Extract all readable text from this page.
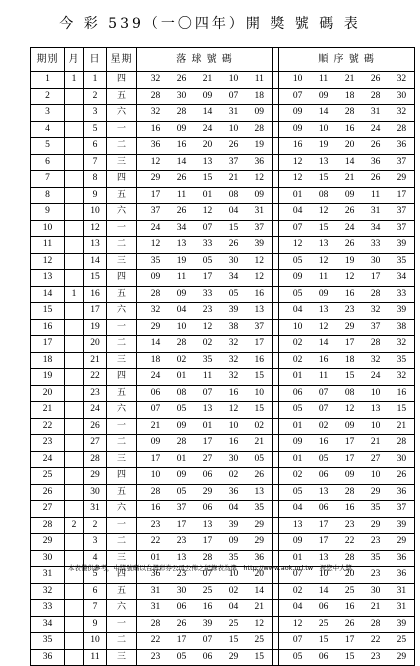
今 彩 539（一〇四年）開 獎 號 碼 表
期別	月	日	星期	落 球 號 碼							順 序 號 碼					
1	1	1	四		32	26	21	10	11			10	11	21	26	32
2		2	五		28	30	09	07	18			07	09	18	28	30
3		3	六		32	28	14	31	09			09	14	28	31	32
4		5	一		16	09	24	10	28			09	10	16	24	28
5		6	二		36	16	20	26	19			16	19	20	26	36
6		7	三		12	14	13	37	36			12	13	14	36	37
7		8	四		29	26	15	21	12			12	15	21	26	29
8		9	五		17	11	01	08	09			01	08	09	11	17
9		10	六		37	26	12	04	31			04	12	26	31	37
10		12	一		24	34	07	15	37			07	15	24	34	37
11		13	二		12	13	33	26	39			12	13	26	33	39
12		14	三		35	19	05	30	12			05	12	19	30	35
13		15	四		09	11	17	34	12			09	11	12	17	34
14	1	16	五		28	09	33	05	16			05	09	16	28	33
15		17	六		32	04	23	39	13			04	13	23	32	39
16		19	一		29	10	12	38	37			10	12	29	37	38
17		20	二		14	28	02	32	17			02	14	17	28	32
18		21	三		18	02	35	32	16			02	16	18	32	35
19		22	四		24	01	11	32	15			01	11	15	24	32
20		23	五		06	08	07	16	10			06	07	08	10	16
21		24	六		07	05	13	12	15			05	07	12	13	15
22		26	一		21	09	01	10	02			01	02	09	10	21
23		27	二		09	28	17	16	21			09	16	17	21	28
24		28	三		17	01	27	30	05			01	05	17	27	30
25		29	四		10	09	06	02	26			02	06	09	10	26
26		30	五		28	05	29	36	13			05	13	28	29	36
27		31	六		16	37	06	04	35			04	06	16	35	37
28	2	2	一		23	17	13	39	29			13	17	23	29	39
29		3	二		22	23	17	09	29			09	17	22	23	29
30		4	三		01	13	28	35	36			01	13	28	35	36
31		5	四		36	23	07	10	20			07	10	20	23	36
32		6	五		31	30	25	02	14			02	14	25	30	31
33		7	六		31	06	16	04	21			04	06	16	21	31
34		9	一		28	26	39	25	12			12	25	26	28	39
35		10	二		22	17	07	15	25			07	15	17	22	25
36		11	三		23	05	06	29	15			05	06	15	23	29
本表僅供參考，中獎號碼以台灣彩券公司公佈之紀錄表為準　http://www.aok.url.tw　祝您中大獎
